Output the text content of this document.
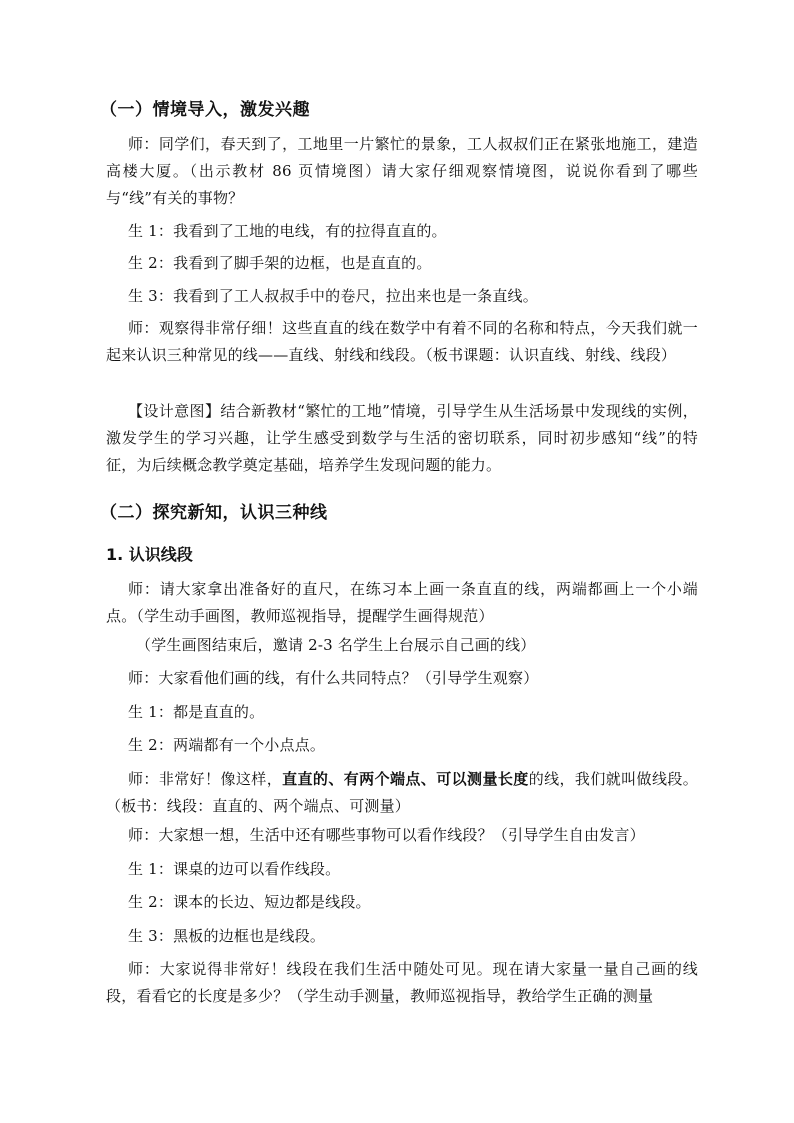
（一）情境导入，激发兴趣
师：同学们，春天到了，工地里一片繁忙的景象，工人叔叔们正在紧张地施工，建造高楼大厦。（出示教材 86 页情境图）请大家仔细观察情境图，说说你看到了哪些与“线”有关的事物？
生 1：我看到了工地的电线，有的拉得直直的。
生 2：我看到了脚手架的边框，也是直直的。
生 3：我看到了工人叔叔手中的卷尺，拉出来也是一条直线。
师：观察得非常仔细！这些直直的线在数学中有着不同的名称和特点，今天我们就一起来认识三种常见的线——直线、射线和线段。（板书课题：认识直线、射线、线段）
【设计意图】结合新教材“繁忙的工地”情境，引导学生从生活场景中发现线的实例，激发学生的学习兴趣，让学生感受到数学与生活的密切联系，同时初步感知“线”的特征，为后续概念教学奠定基础，培养学生发现问题的能力。
（二）探究新知，认识三种线
1. 认识线段
师：请大家拿出准备好的直尺，在练习本上画一条直直的线，两端都画上一个小端点。（学生动手画图，教师巡视指导，提醒学生画得规范）
（学生画图结束后，邀请 2-3 名学生上台展示自己画的线）
师：大家看他们画的线，有什么共同特点？（引导学生观察）
生 1：都是直直的。
生 2：两端都有一个小点点。
师：非常好！像这样，直直的、有两个端点、可以测量长度的线，我们就叫做线段。（板书：线段：直直的、两个端点、可测量）
师：大家想一想，生活中还有哪些事物可以看作线段？（引导学生自由发言）
生 1：课桌的边可以看作线段。
生 2：课本的长边、短边都是线段。
生 3：黑板的边框也是线段。
师：大家说得非常好！线段在我们生活中随处可见。现在请大家量一量自己画的线段，看看它的长度是多少？（学生动手测量，教师巡视指导，教给学生正确的测量
